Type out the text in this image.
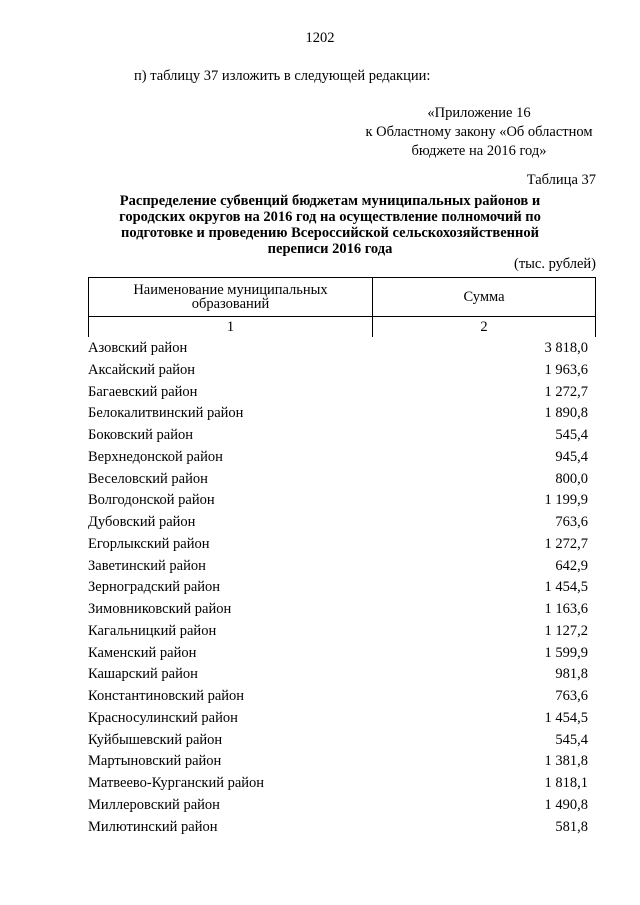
1202
п) таблицу 37 изложить в следующей редакции:
«Приложение 16
к Областному закону «Об областном
бюджете на 2016 год»
Таблица 37
Распределение субвенций бюджетам муниципальных районов и городских округов на 2016 год на осуществление полномочий по подготовке и проведению Всероссийской сельскохозяйственной переписи 2016 года
(тыс. рублей)
Наименование муниципальных образований	Сумма
1	2
Азовский район	3 818,0
Аксайский район	1 963,6
Багаевский район	1 272,7
Белокалитвинский район	1 890,8
Боковский район	545,4
Верхнедонской район	945,4
Веселовский район	800,0
Волгодонской район	1 199,9
Дубовский район	763,6
Егорлыкский район	1 272,7
Заветинский район	642,9
Зерноградский район	1 454,5
Зимовниковский район	1 163,6
Кагальницкий район	1 127,2
Каменский район	1 599,9
Кашарский район	981,8
Константиновский район	763,6
Красносулинский район	1 454,5
Куйбышевский район	545,4
Мартыновский район	1 381,8
Матвеево-Курганский район	1 818,1
Миллеровский район	1 490,8
Милютинский район	581,8
